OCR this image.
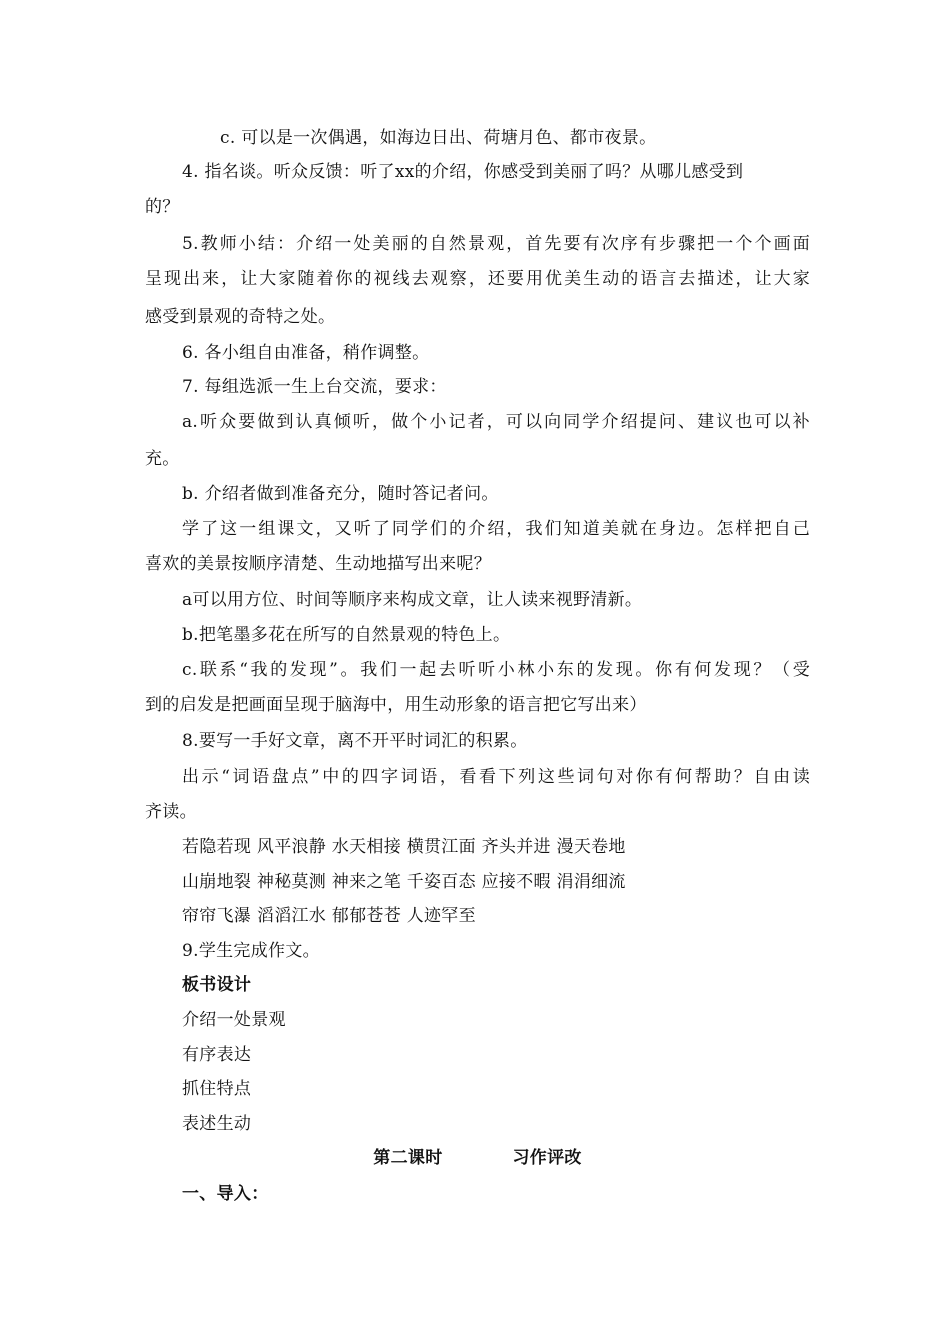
c. 可以是一次偶遇，如海边日出、荷塘月色、都市夜景。
4. 指名谈。听众反馈：听了xx的介绍，你感受到美丽了吗？从哪儿感受到
的？
5.教师小结：介绍一处美丽的自然景观，首先要有次序有步骤把一个个画面
呈现出来，让大家随着你的视线去观察，还要用优美生动的语言去描述，让大家
感受到景观的奇特之处。
6. 各小组自由准备，稍作调整。
7. 每组选派一生上台交流，要求：
a.听众要做到认真倾听，做个小记者，可以向同学介绍提问、建议也可以补
充。
b. 介绍者做到准备充分，随时答记者问。
学了这一组课文，又听了同学们的介绍，我们知道美就在身边。怎样把自己
喜欢的美景按顺序清楚、生动地描写出来呢？
a可以用方位、时间等顺序来构成文章，让人读来视野清新。
b.把笔墨多花在所写的自然景观的特色上。
c.联系“我的发现”。我们一起去听听小林小东的发现。你有何发现？（受
到的启发是把画面呈现于脑海中，用生动形象的语言把它写出来）
8.要写一手好文章，离不开平时词汇的积累。
出示“词语盘点”中的四字词语，看看下列这些词句对你有何帮助？自由读
齐读。
若隐若现 风平浪静 水天相接 横贯江面 齐头并进 漫天卷地
山崩地裂 神秘莫测 神来之笔 千姿百态 应接不暇 涓涓细流
帘帘飞瀑 滔滔江水 郁郁苍苍 人迹罕至
9.学生完成作文。
板书设计
介绍一处景观
有序表达
抓住特点
表述生动
第二课时	习作评改
一、导入：
